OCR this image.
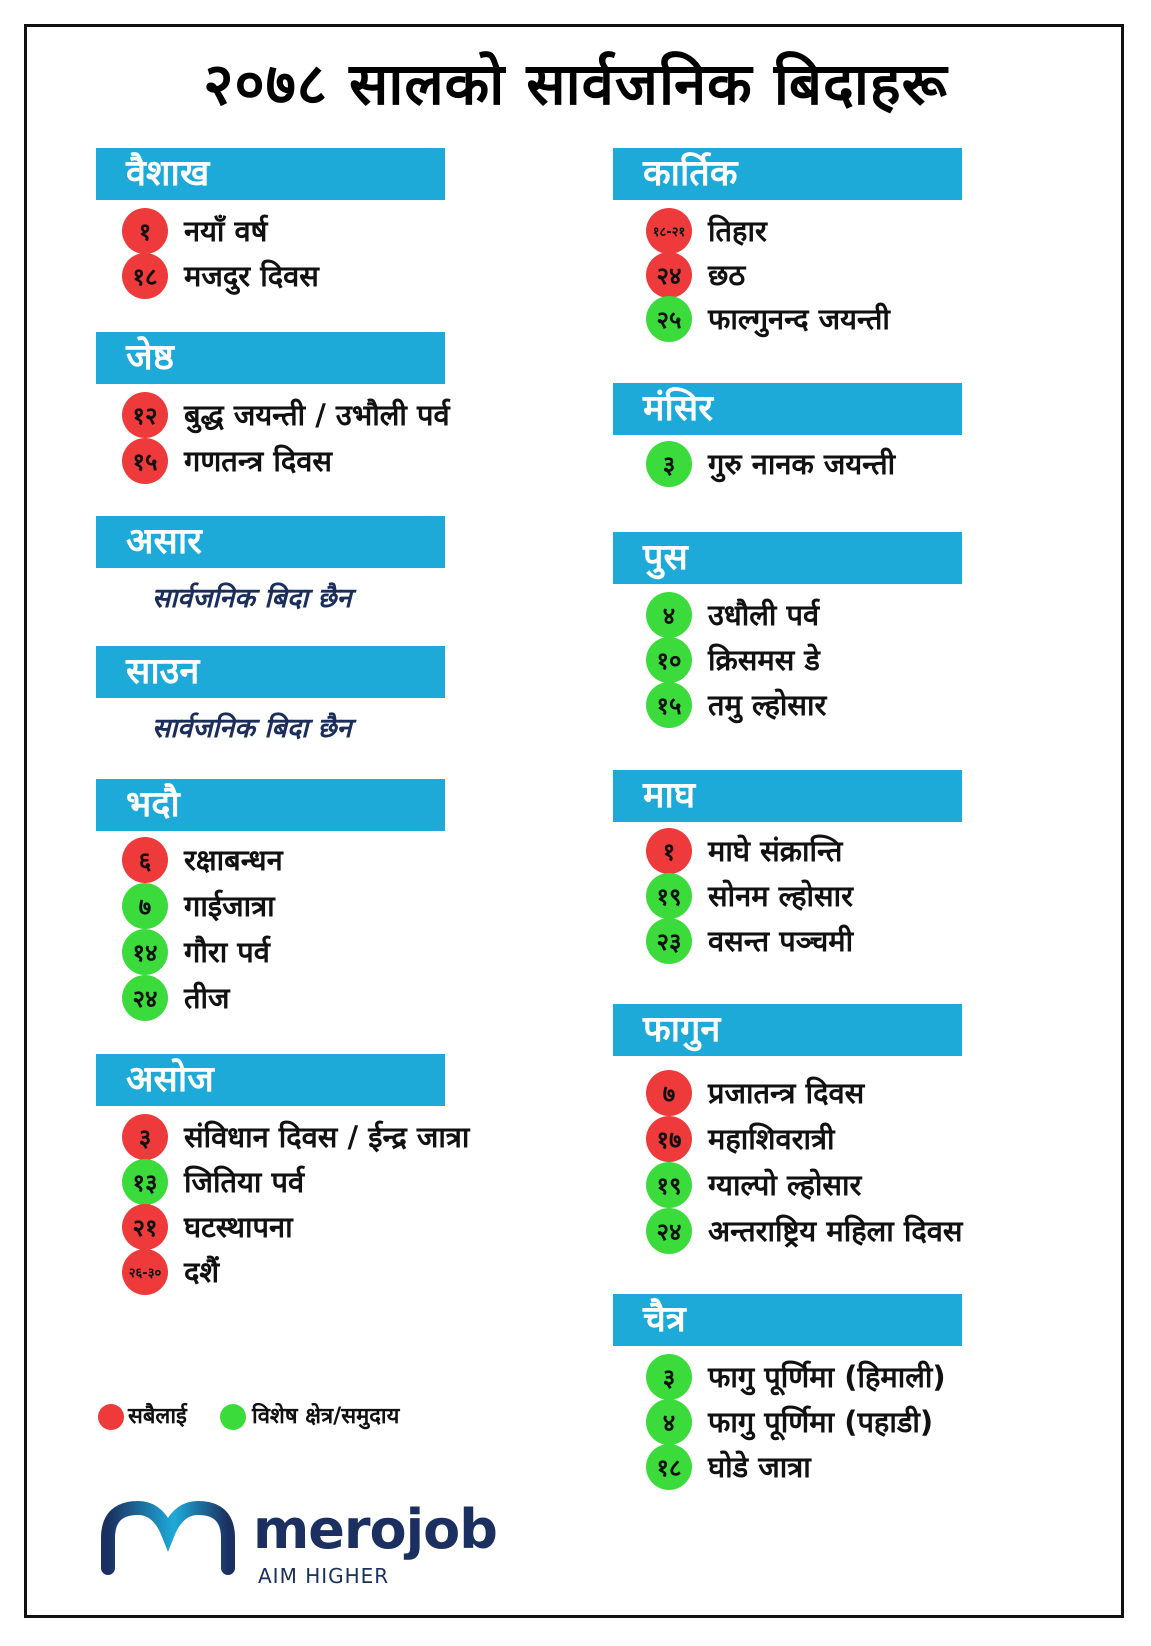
२०७८ सालको सार्वजनिक बिदाहरू
वैशाख
१	नयाँ वर्ष
१८ मजदुर दिवस
जेष्ठ
१२ बुद्ध जयन्ती / उभौली पर्व
१५ गणतन्त्र दिवस
असार
सार्वजनिक बिदा छैन
साउन
सार्वजनिक बिदा छैन
भदौ
६	रक्षाबन्धन
७	गाईजात्रा
१४ गौरा पर्व
२४ तीज
असोज
३	संविधान दिवस / ईन्द्र जात्रा
१३ जितिया पर्व
२१ घटस्थापना
२६-३० दशैं
कार्तिक
१८-२१ तिहार
२४ छठ
२५ फाल्गुनन्द जयन्ती
मंसिर
३	गुरु नानक जयन्ती
पुस
४	उधौली पर्व
१० क्रिसमस डे
१५ तमु ल्होसार
माघ
१	माघे संक्रान्ति
१९ सोनम ल्होसार
२३ वसन्त पञ्चमी
फागुन
७	प्रजातन्त्र दिवस
१७ महाशिवरात्री
१९ ग्याल्पो ल्होसार
२४ अन्तराष्ट्रिय महिला दिवस
चैत्र
३	फागु पूर्णिमा (हिमाली)
४	फागु पूर्णिमा (पहाडी)
१८ घोडे जात्रा
सबैलाई	विशेष क्षेत्र/समुदाय
merojob
AIM HIGHER
